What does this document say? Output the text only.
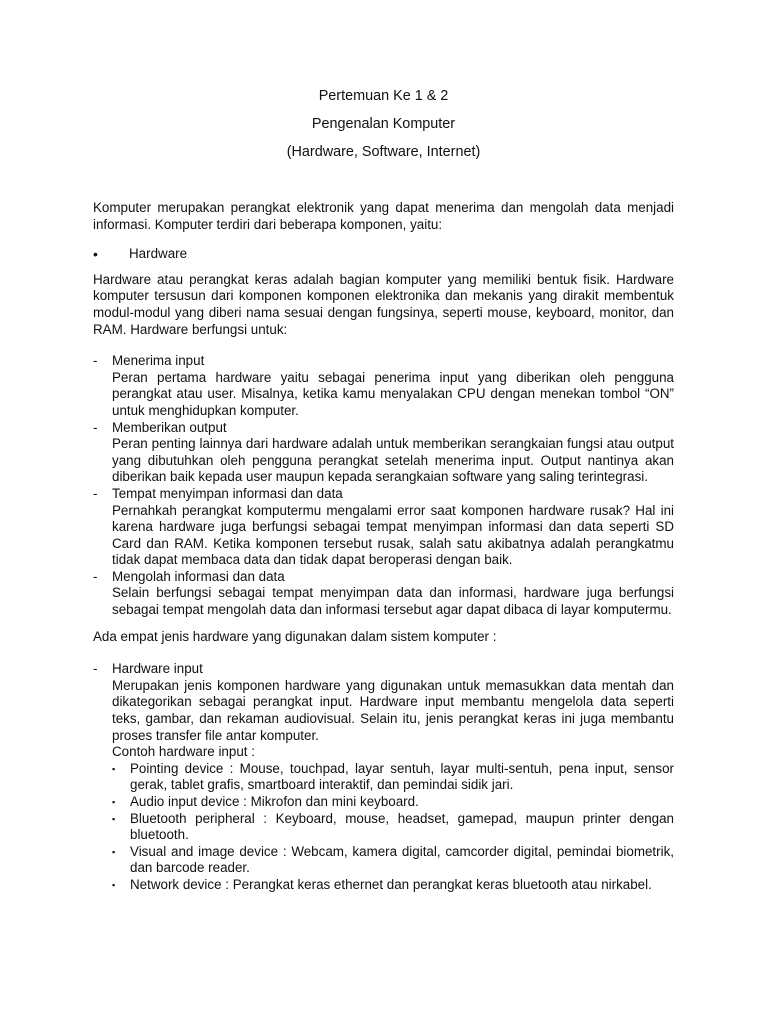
Pertemuan Ke 1 & 2

Pengenalan Komputer

(Hardware, Software, Internet)

Komputer merupakan perangkat elektronik yang dapat menerima dan mengolah data menjadi informasi. Komputer terdiri dari beberapa komponen, yaitu:

•	Hardware

Hardware atau perangkat keras adalah bagian komputer yang memiliki bentuk fisik. Hardware komputer tersusun dari komponen komponen elektronika dan mekanis yang dirakit membentuk modul-modul yang diberi nama sesuai dengan fungsinya, seperti mouse, keyboard, monitor, dan RAM. Hardware berfungsi untuk:

-	Menerima input

Peran pertama hardware yaitu sebagai penerima input yang diberikan oleh pengguna perangkat atau user. Misalnya, ketika kamu menyalakan CPU dengan menekan tombol “ON” untuk menghidupkan komputer.

-	Memberikan output

Peran penting lainnya dari hardware adalah untuk memberikan serangkaian fungsi atau output yang dibutuhkan oleh pengguna perangkat setelah menerima input. Output nantinya akan diberikan baik kepada user maupun kepada serangkaian software yang saling terintegrasi.

-	Tempat menyimpan informasi dan data

Pernahkah perangkat komputermu mengalami error saat komponen hardware rusak? Hal ini karena hardware juga berfungsi sebagai tempat menyimpan informasi dan data seperti SD Card dan RAM. Ketika komponen tersebut rusak, salah satu akibatnya adalah perangkatmu tidak dapat membaca data dan tidak dapat beroperasi dengan baik.

-	Mengolah informasi dan data

Selain berfungsi sebagai tempat menyimpan data dan informasi, hardware juga berfungsi sebagai tempat mengolah data dan informasi tersebut agar dapat dibaca di layar komputermu.

Ada empat jenis hardware yang digunakan dalam sistem komputer :

-	Hardware input

Merupakan jenis komponen hardware yang digunakan untuk memasukkan data mentah dan dikategorikan sebagai perangkat input. Hardware input membantu mengelola data seperti teks, gambar, dan rekaman audiovisual. Selain itu, jenis perangkat keras ini juga membantu proses transfer file antar komputer.

Contoh hardware input :

▪	Pointing device : Mouse, touchpad, layar sentuh, layar multi-sentuh, pena input, sensor gerak, tablet grafis, smartboard interaktif, dan pemindai sidik jari.
▪	Audio input device : Mikrofon dan mini keyboard.
▪	Bluetooth peripheral : Keyboard, mouse, headset, gamepad, maupun printer dengan bluetooth.
▪	Visual and image device : Webcam, kamera digital, camcorder digital, pemindai biometrik, dan barcode reader.
▪	Network device : Perangkat keras ethernet dan perangkat keras bluetooth atau nirkabel.
